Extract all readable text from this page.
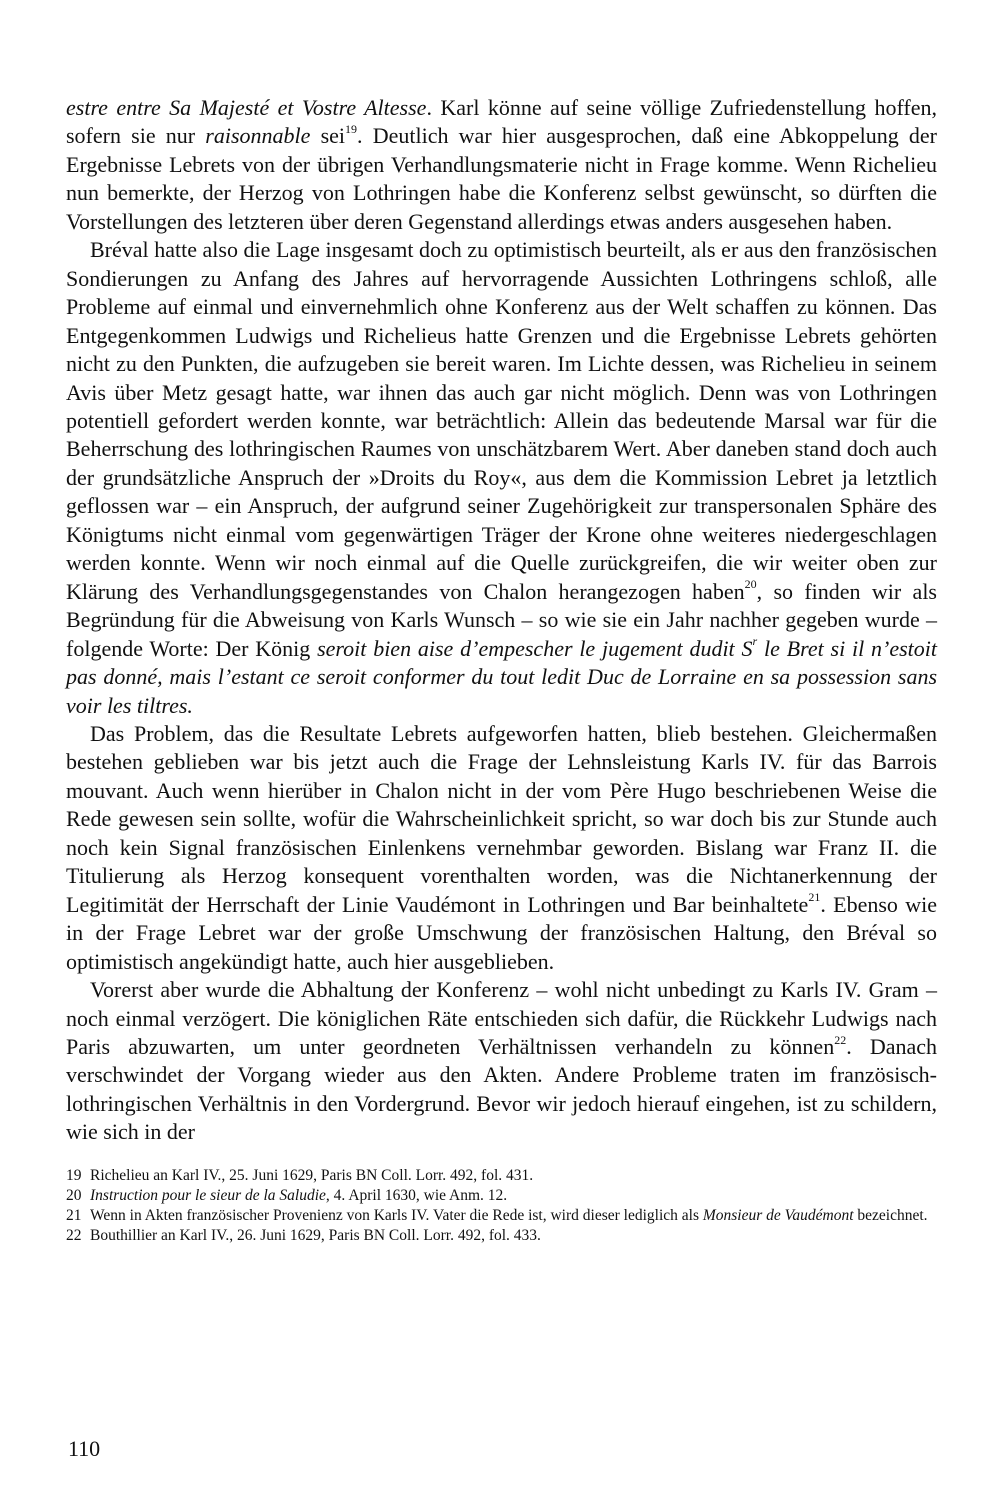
estre entre Sa Majesté et Vostre Altesse. Karl könne auf seine völlige Zufriedenstellung hoffen, sofern sie nur raisonnable sei$^{19}$. Deutlich war hier ausgesprochen, daß eine Abkoppelung der Ergebnisse Lebrets von der übrigen Verhandlungsmaterie nicht in Frage komme. Wenn Richelieu nun bemerkte, der Herzog von Lothringen habe die Konferenz selbst gewünscht, so dürften die Vorstellungen des letzteren über deren Gegenstand allerdings etwas anders ausgesehen haben.

Bréval hatte also die Lage insgesamt doch zu optimistisch beurteilt, als er aus den französischen Sondierungen zu Anfang des Jahres auf hervorragende Aussichten Lothringens schloß, alle Probleme auf einmal und einvernehmlich ohne Konferenz aus der Welt schaffen zu können. Das Entgegenkommen Ludwigs und Richelieus hatte Grenzen und die Ergebnisse Lebrets gehörten nicht zu den Punkten, die aufzugeben sie bereit waren. Im Lichte dessen, was Richelieu in seinem Avis über Metz gesagt hatte, war ihnen das auch gar nicht möglich. Denn was von Lothringen potentiell gefordert werden konnte, war beträchtlich: Allein das bedeutende Marsal war für die Beherrschung des lothringischen Raumes von unschätzbarem Wert. Aber daneben stand doch auch der grundsätzliche Anspruch der »Droits du Roy«, aus dem die Kommission Lebret ja letztlich geflossen war – ein Anspruch, der aufgrund seiner Zugehörigkeit zur transpersonalen Sphäre des Königtums nicht einmal vom gegenwärtigen Träger der Krone ohne weiteres niedergeschlagen werden konnte. Wenn wir noch einmal auf die Quelle zurückgreifen, die wir weiter oben zur Klärung des Verhandlungsgegenstandes von Chalon herangezogen haben$^{20}$, so finden wir als Begründung für die Abweisung von Karls Wunsch – so wie sie ein Jahr nachher gegeben wurde – folgende Worte: Der König seroit bien aise d’empescher le jugement dudit $S^r$ le Bret si il n’estoit pas donné, mais l’estant ce seroit conformer du tout ledit Duc de Lorraine en sa possession sans voir les tiltres.

Das Problem, das die Resultate Lebrets aufgeworfen hatten, blieb bestehen. Gleichermaßen bestehen geblieben war bis jetzt auch die Frage der Lehnsleistung Karls IV. für das Barrois mouvant. Auch wenn hierüber in Chalon nicht in der vom Père Hugo beschriebenen Weise die Rede gewesen sein sollte, wofür die Wahrscheinlichkeit spricht, so war doch bis zur Stunde auch noch kein Signal französischen Einlenkens vernehmbar geworden. Bislang war Franz II. die Titulierung als Herzog konsequent vorenthalten worden, was die Nichtanerkennung der Legitimität der Herrschaft der Linie Vaudémont in Lothringen und Bar beinhaltete$^{21}$. Ebenso wie in der Frage Lebret war der große Umschwung der französischen Haltung, den Bréval so optimistisch angekündigt hatte, auch hier ausgeblieben.

Vorerst aber wurde die Abhaltung der Konferenz – wohl nicht unbedingt zu Karls IV. Gram – noch einmal verzögert. Die königlichen Räte entschieden sich dafür, die Rückkehr Ludwigs nach Paris abzuwarten, um unter geordneten Verhältnissen verhandeln zu können$^{22}$. Danach verschwindet der Vorgang wieder aus den Akten. Andere Probleme traten im französisch-lothringischen Verhältnis in den Vordergrund. Bevor wir jedoch hierauf eingehen, ist zu schildern, wie sich in der

19 Richelieu an Karl IV., 25. Juni 1629, Paris BN Coll. Lorr. 492, fol. 431.
20 Instruction pour le sieur de la Saludie, 4. April 1630, wie Anm. 12.
21 Wenn in Akten französischer Provenienz von Karls IV. Vater die Rede ist, wird dieser lediglich als Monsieur de Vaudémont bezeichnet.
22 Bouthillier an Karl IV., 26. Juni 1629, Paris BN Coll. Lorr. 492, fol. 433.
110
